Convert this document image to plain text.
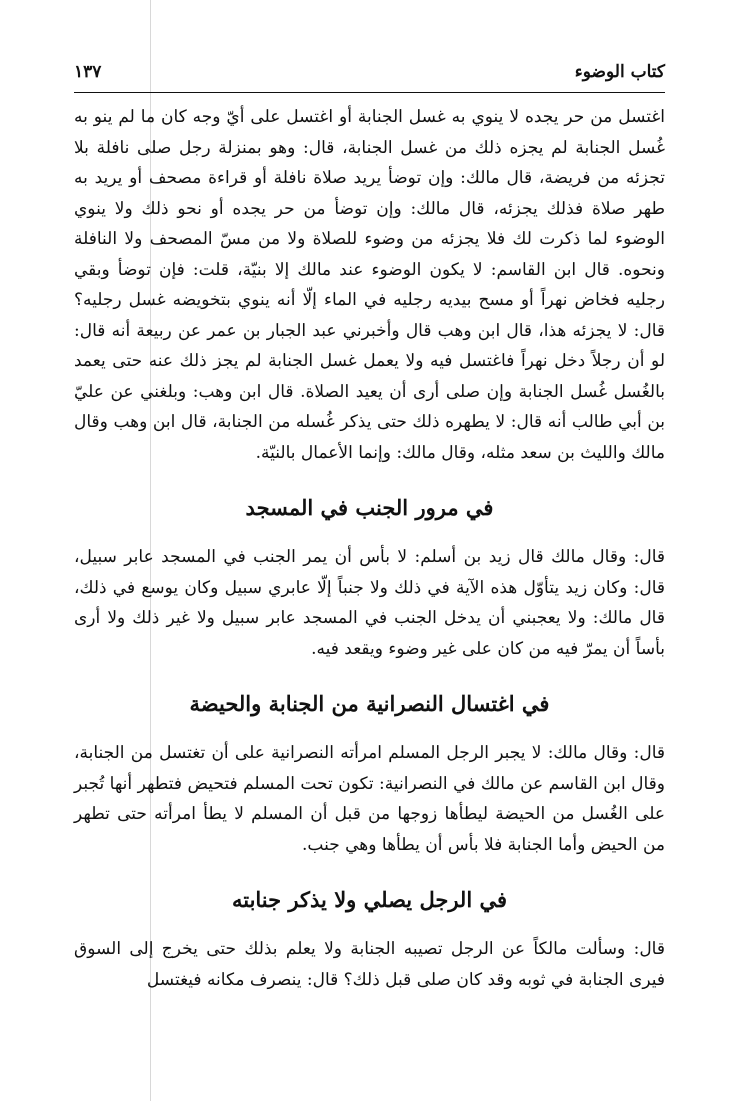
كتاب الوضوء
١٣٧

اغتسل من حر يجده لا ينوي به غسل الجنابة أو اغتسل على أيّ وجه كان ما لم ينو به غُسل الجنابة لم يجزه ذلك من غسل الجنابة، قال: وهو بمنزلة رجل صلى نافلة بلا تجزئه من فريضة، قال مالك: وإن توضأ يريد صلاة نافلة أو قراءة مصحف أو يريد به طهر صلاة فذلك يجزئه، قال مالك: وإن توضأ من حر يجده أو نحو ذلك ولا ينوي الوضوء لما ذكرت لك فلا يجزئه من وضوء للصلاة ولا من مسّ المصحف ولا النافلة ونحوه. قال ابن القاسم: لا يكون الوضوء عند مالك إلا بنيّة، قلت: فإن توضأ وبقي رجليه فخاض نهراً أو مسح بيديه رجليه في الماء إلّا أنه ينوي بتخويضه غسل رجليه؟ قال: لا يجزئه هذا، قال ابن وهب قال وأخبرني عبد الجبار بن عمر عن ربيعة أنه قال: لو أن رجلاً دخل نهراً فاغتسل فيه ولا يعمل غسل الجنابة لم يجز ذلك عنه حتى يعمد بالغُسل غُسل الجنابة وإن صلى أرى أن يعيد الصلاة. قال ابن وهب: وبلغني عن عليّ بن أبي طالب أنه قال: لا يطهره ذلك حتى يذكر غُسله من الجنابة، قال ابن وهب وقال مالك والليث بن سعد مثله، وقال مالك: وإنما الأعمال بالنيّة.

في مرور الجنب في المسجد

قال: وقال مالك قال زيد بن أسلم: لا بأس أن يمر الجنب في المسجد عابر سبيل، قال: وكان زيد يتأوّل هذه الآية في ذلك ولا جنباً إلّا عابري سبيل وكان يوسع في ذلك، قال مالك: ولا يعجبني أن يدخل الجنب في المسجد عابر سبيل ولا غير ذلك ولا أرى بأساً أن يمرّ فيه من كان على غير وضوء ويقعد فيه.

في اغتسال النصرانية من الجنابة والحيضة

قال: وقال مالك: لا يجبر الرجل المسلم امرأته النصرانية على أن تغتسل من الجنابة، وقال ابن القاسم عن مالك في النصرانية: تكون تحت المسلم فتحيض فتطهر أنها تُجبر على الغُسل من الحيضة ليطأها زوجها من قبل أن المسلم لا يطأ امرأته حتى تطهر من الحيض وأما الجنابة فلا بأس أن يطأها وهي جنب.

في الرجل يصلي ولا يذكر جنابته

قال: وسألت مالكاً عن الرجل تصيبه الجنابة ولا يعلم بذلك حتى يخرج إلى السوق فيرى الجنابة في ثوبه وقد كان صلى قبل ذلك؟ قال: ينصرف مكانه فيغتسل
